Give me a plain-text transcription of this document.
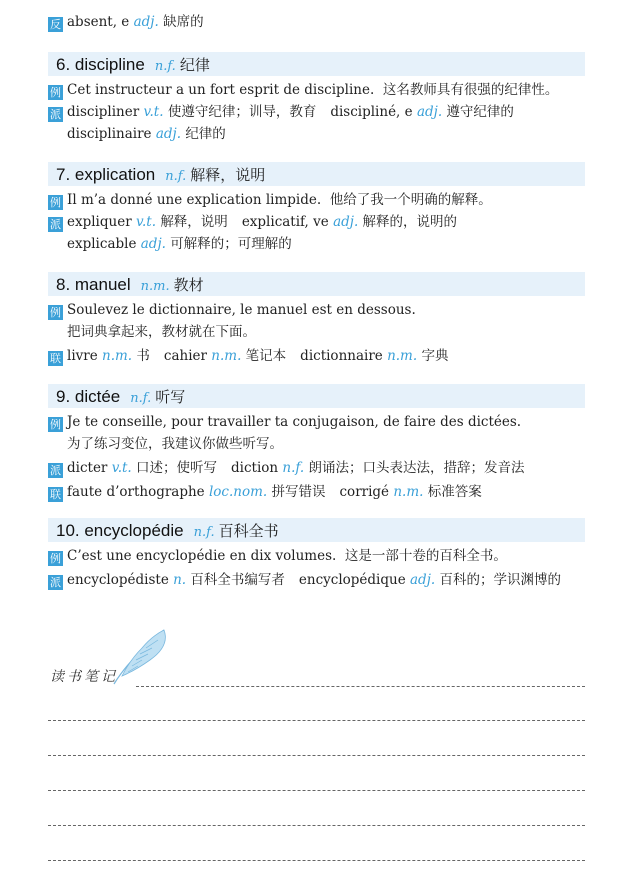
反 absent, e adj. 缺席的
6. discipline n.f. 纪律
例 Cet instructeur a un fort esprit de discipline. 这名教师具有很强的纪律性。
派 discipliner v.t. 使遵守纪律；训导，教育 discipliné, e adj. 遵守纪律的
disciplinaire adj. 纪律的
7. explication n.f. 解释，说明
例 Il m’a donné une explication limpide. 他给了我一个明确的解释。
派 expliquer v.t. 解释，说明 explicatif, ve adj. 解释的，说明的
explicable adj. 可解释的；可理解的
8. manuel n.m. 教材
例 Soulevez le dictionnaire, le manuel est en dessous.
把词典拿起来，教材就在下面。
联 livre n.m. 书 cahier n.m. 笔记本 dictionnaire n.m. 字典
9. dictée n.f. 听写
例 Je te conseille, pour travailler ta conjugaison, de faire des dictées.
为了练习变位，我建议你做些听写。
派 dicter v.t. 口述；使听写 diction n.f. 朗诵法；口头表达法，措辞；发音法
联 faute d’orthographe loc.nom. 拼写错误 corrigé n.m. 标准答案
10. encyclopédie n.f. 百科全书
例 C’est une encyclopédie en dix volumes. 这是一部十卷的百科全书。
派 encyclopédiste n. 百科全书编写者 encyclopédique adj. 百科的；学识渊博的
读书笔记
